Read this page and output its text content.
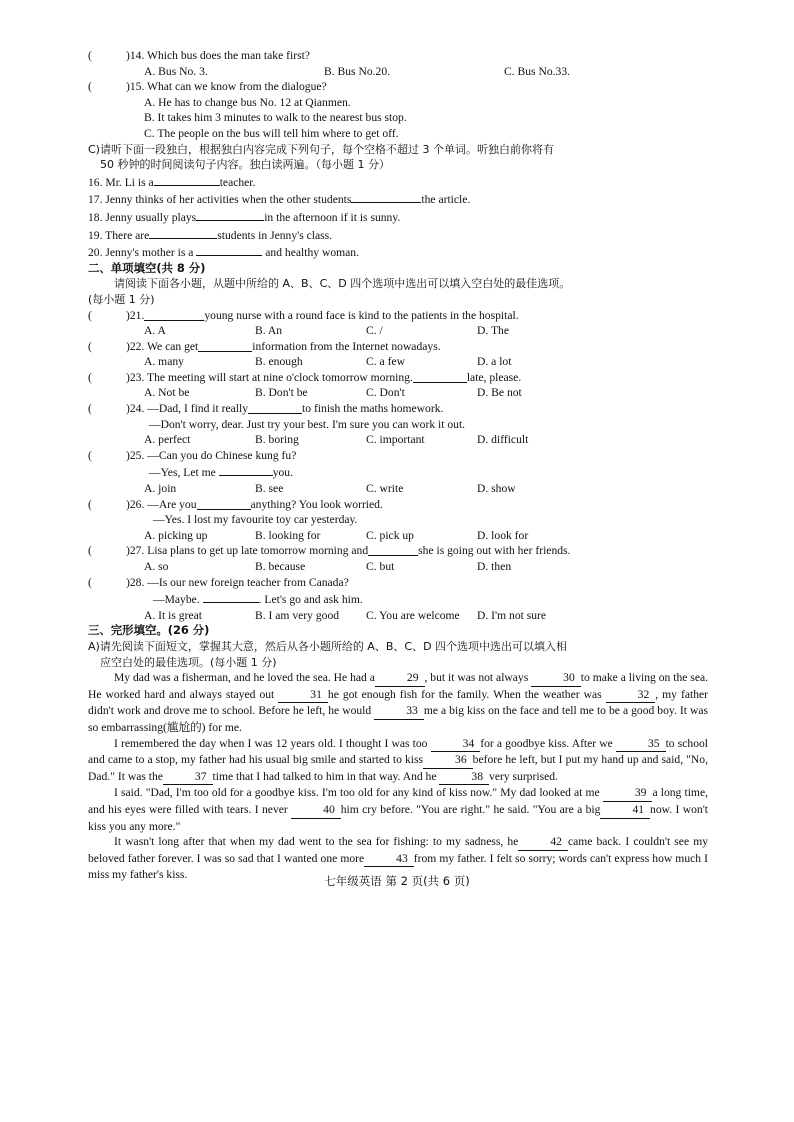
(	)14. Which bus does the man take first?
A. Bus No. 3.	B. Bus No.20.	C. Bus No.33.
(	)15. What can we know from the dialogue?
A. He has to change bus No. 12 at Qianmen.
B. It takes him 3 minutes to walk to the nearest bus stop.
C. The people on the bus will tell him where to get off.
C)请听下面一段独白，根据独白内容完成下列句子，每个空格不超过 3 个单词。听独白前你将有
50 秒钟的时间阅读句子内容。独白读两遍。（每小题 1 分）
16. Mr. Li is a	teacher.
17. Jenny thinks of her activities when the other students	the article.
18. Jenny usually plays	in the afternoon if it is sunny.
19. There are	students in Jenny's class.
20. Jenny's mother is a	and healthy woman.
二、单项填空(共 8 分)
请阅读下面各小题，从题中所给的 A、B、C、D 四个选项中选出可以填入空白处的最佳选项。
(每小题 1 分)
(	)21.	young nurse with a round face is kind to the patients in the hospital.
A. A	B. An	C. /	D. The
(	)22. We can get	information from the Internet nowadays.
A. many	B. enough	C. a few	D. a lot
(	)23. The meeting will start at nine o'clock tomorrow morning.	late, please.
A. Not be	B. Don't be	C. Don't	D. Be not
(	)24. —Dad, I find it really	to finish the maths homework.
—Don't worry, dear. Just try your best. I'm sure you can work it out.
A. perfect	B. boring	C. important	D. difficult
(	)25. —Can you do Chinese kung fu?
—Yes, Let me	you.
A. join	B. see	C. write	D. show
(	)26. —Are you	anything? You look worried.
—Yes. I lost my favourite toy car yesterday.
A. picking up	B. looking for	C. pick up	D. look for
(	)27. Lisa plans to get up late tomorrow morning and	she is going out with her friends.
A. so	B. because	C. but	D. then
(	)28. —Is our new foreign teacher from Canada?
—Maybe.	. Let's go and ask him.
A. It is great	B. I am very good	C. You are welcome	D. I'm not sure
三、完形填空。(26 分)
A)请先阅读下面短文，掌握其大意，然后从各小题所给的 A、B、C、D 四个选项中选出可以填入相
应空白处的最佳选项。(每小题 1 分)
My dad was a fisherman, and he loved the sea. He had a	29 , but it was not always	30 to make a living on the sea. He worked hard and always stayed out	31 he got enough fish for the family. When the weather was	32 , my father didn't work and drove me to school. Before he left, he would	33 me a big kiss on the face and tell me to be a good boy. It was so embarrassing(尴尬的) for me.
I remembered the day when I was 12 years old. I thought I was too	34 for a goodbye kiss. After we	35 to school and came to a stop, my father had his usual big smile and started to kiss	36 before he left, but I put my hand up and said, "No, Dad." It was the	37 time that I had talked to him in that way. And he	38 very surprised.
I said. "Dad, I'm too old for a goodbye kiss. I'm too old for any kind of kiss now." My dad looked at me	39 a long time, and his eyes were filled with tears. I never	40 him cry before. "You are right." he said. "You are a big	41 now. I won't kiss you any more."
It wasn't long after that when my dad went to the sea for fishing: to my sadness, he	42 came back. I couldn't see my beloved father forever. I was so sad that I wanted one more	43 from my father. I felt so sorry; words can't express how much I miss my father's kiss.	七年级英语 第 2 页(共 6 页)
